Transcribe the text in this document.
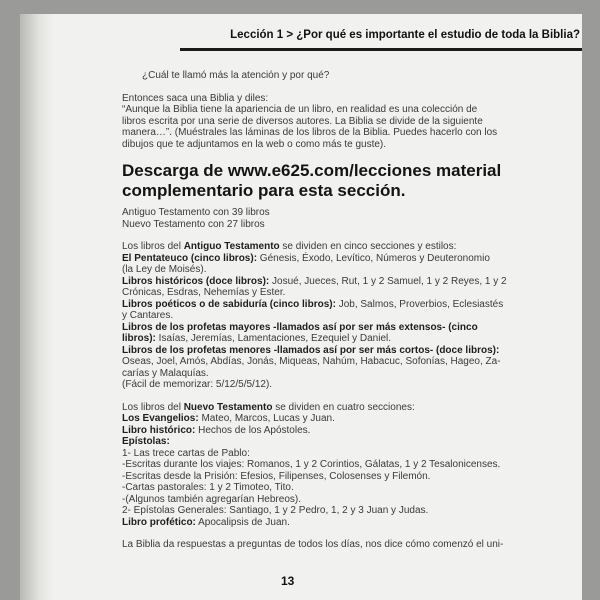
Lección 1 > ¿Por qué es importante el estudio de toda la Biblia?

¿Cuál te llamó más la atención y por qué?

Entonces saca una Biblia y diles:

“Aunque la Biblia tiene la apariencia de un libro, en realidad es una colección de

libros escrita por una serie de diversos autores. La Biblia se divide de la siguiente

manera…”. (Muéstrales las láminas de los libros de la Biblia. Puedes hacerlo con los

dibujos que te adjuntamos en la web o como más te guste).

Descarga de www.e625.com/lecciones material
complementario para esta sección.

Antiguo Testamento con 39 libros

Nuevo Testamento con 27 libros

Los libros del Antiguo Testamento se dividen en cinco secciones y estilos:

El Pentateuco (cinco libros): Génesis, Éxodo, Levítico, Números y Deuteronomio

(la Ley de Moisés).

Libros históricos (doce libros): Josué, Jueces, Rut, 1 y 2 Samuel, 1 y 2 Reyes, 1 y 2

Crónicas, Esdras, Nehemías y Ester.

Libros poéticos o de sabiduría (cinco libros): Job, Salmos, Proverbios, Eclesiastés

y Cantares.

Libros de los profetas mayores -llamados así por ser más extensos- (cinco

libros): Isaías, Jeremías, Lamentaciones, Ezequiel y Daniel.

Libros de los profetas menores -llamados así por ser más cortos- (doce libros):

Oseas, Joel, Amós, Abdías, Jonás, Miqueas, Nahúm, Habacuc, Sofonías, Hageo, Za-

carías y Malaquías.

(Fácil de memorizar: 5/12/5/5/12).

Los libros del Nuevo Testamento se dividen en cuatro secciones:

Los Evangelios: Mateo, Marcos, Lucas y Juan.

Libro histórico: Hechos de los Apóstoles.

Epístolas:

1- Las trece cartas de Pablo:

-Escritas durante los viajes: Romanos, 1 y 2 Corintios, Gálatas, 1 y 2 Tesalonicenses.

-Escritas desde la Prisión: Efesios, Filipenses, Colosenses y Filemón.

-Cartas pastorales: 1 y 2 Timoteo, Tito.

-(Algunos también agregarían Hebreos).

2- Epístolas Generales: Santiago, 1 y 2 Pedro, 1, 2 y 3 Juan y Judas.

Libro profético: Apocalipsis de Juan.

La Biblia da respuestas a preguntas de todos los días, nos dice cómo comenzó el uni-

13
